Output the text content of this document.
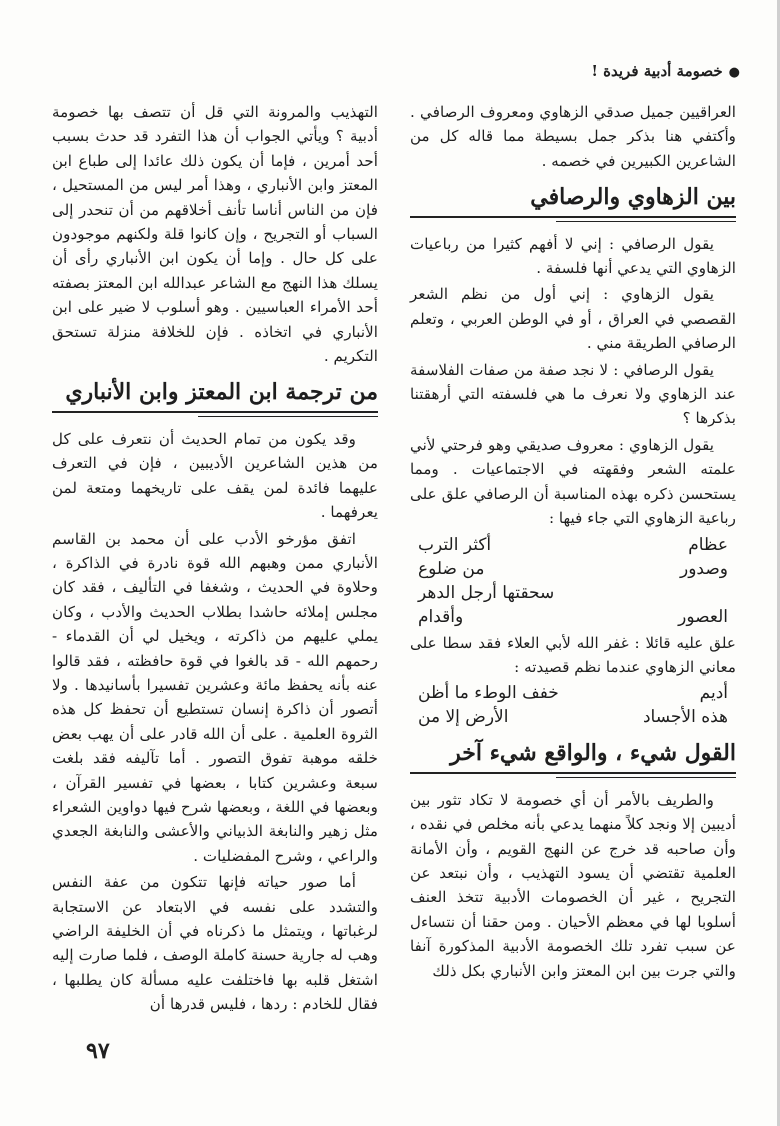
●خصومة أدبية فريدة !

العراقيين جميل صدقي الزهاوي ومعروف الرصافي . وأكتفي هنا بذكر جمل بسيطة مما قاله كل من الشاعرين الكبيرين في خصمه .

بين الزهاوي والرصافي

يقول الرصافي : إني لا أفهم كثيرا من رباعيات الزهاوي التي يدعي أنها فلسفة .

يقول الزهاوي : إني أول من نظم الشعر القصصي في العراق ، أو في الوطن العربي ، وتعلم الرصافي الطريقة مني .

يقول الرصافي : لا نجد صفة من صفات الفلاسفة عند الزهاوي ولا نعرف ما هي فلسفته التي أرهقتنا بذكرها ؟

يقول الزهاوي : معروف صديقي وهو فرحتي لأني علمته الشعر وفقهته في الاجتماعيات . ومما يستحسن ذكره بهذه المناسبة أن الرصافي علق على رباعية الزهاوي التي جاء فيها :

أكثر الترب	عظام
من ضلوع	وصدور
سحقتها أرجل الدهر
وأقدام	العصور

علق عليه قائلا : غفر الله لأبي العلاء فقد سطا على معاني الزهاوي عندما نظم قصيدته :

خفف الوطء ما أظن	أديم
الأرض إلا من	هذه الأجساد
القول شيء ، والواقع شيء آخر

والطريف بالأمر أن أي خصومة لا تكاد تثور بين أديبين إلا ونجد كلاً منهما يدعي بأنه مخلص في نقده ، وأن صاحبه قد خرج عن النهج القويم ، وأن الأمانة العلمية تقتضي أن يسود التهذيب ، وأن نبتعد عن التجريح ، غير أن الخصومات الأدبية تتخذ العنف أسلوبا لها في معظم الأحيان . ومن حقنا أن نتساءل عن سبب تفرد تلك الخصومة الأدبية المذكورة آنفا والتي جرت بين ابن المعتز وابن الأنباري بكل ذلك

التهذيب والمرونة التي قل أن تتصف بها خصومة أدبية ؟ ويأتي الجواب أن هذا التفرد قد حدث بسبب أحد أمرين ، فإما أن يكون ذلك عائدا إلى طباع ابن المعتز وابن الأنباري ، وهذا أمر ليس من المستحيل ، فإن من الناس أناسا تأنف أخلاقهم من أن تنحدر إلى السباب أو التجريح ، وإن كانوا قلة ولكنهم موجودون على كل حال . وإما أن يكون ابن الأنباري رأى أن يسلك هذا النهج مع الشاعر عبدالله ابن المعتز بصفته أحد الأمراء العباسيين . وهو أسلوب لا ضير على ابن الأنباري في اتخاذه . فإن للخلافة منزلة تستحق التكريم .

من ترجمة ابن المعتز وابن الأنباري

وقد يكون من تمام الحديث أن نتعرف على كل من هذين الشاعرين الأديبين ، فإن في التعرف عليهما فائدة لمن يقف على تاريخهما ومتعة لمن يعرفهما .

اتفق مؤرخو الأدب على أن محمد بن القاسم الأنباري ممن وهبهم الله قوة نادرة في الذاكرة ، وحلاوة في الحديث ، وشغفا في التأليف ، فقد كان مجلس إملائه حاشدا بطلاب الحديث والأدب ، وكان يملي عليهم من ذاكرته ، ويخيل لي أن القدماء - رحمهم الله - قد بالغوا في قوة حافظته ، فقد قالوا عنه بأنه يحفظ مائة وعشرين تفسيرا بأسانيدها . ولا أتصور أن ذاكرة إنسان تستطيع أن تحفظ كل هذه الثروة العلمية . على أن الله قادر على أن يهب بعض خلقه موهبة تفوق التصور . أما تآليفه فقد بلغت سبعة وعشرين كتابا ، بعضها في تفسير القرآن ، وبعضها في اللغة ، وبعضها شرح فيها دواوين الشعراء مثل زهير والنابغة الذبياني والأعشى والنابغة الجعدي والراعي ، وشرح المفضليات .

أما صور حياته فإنها تتكون من عفة النفس والتشدد على نفسه في الابتعاد عن الاستجابة لرغباتها ، ويتمثل ما ذكرناه في أن الخليفة الراضي وهب له جارية حسنة كاملة الوصف ، فلما صارت إليه اشتغل قلبه بها فاختلفت عليه مسألة كان يطلبها ، فقال للخادم : ردها ، فليس قدرها أن

٩٧
